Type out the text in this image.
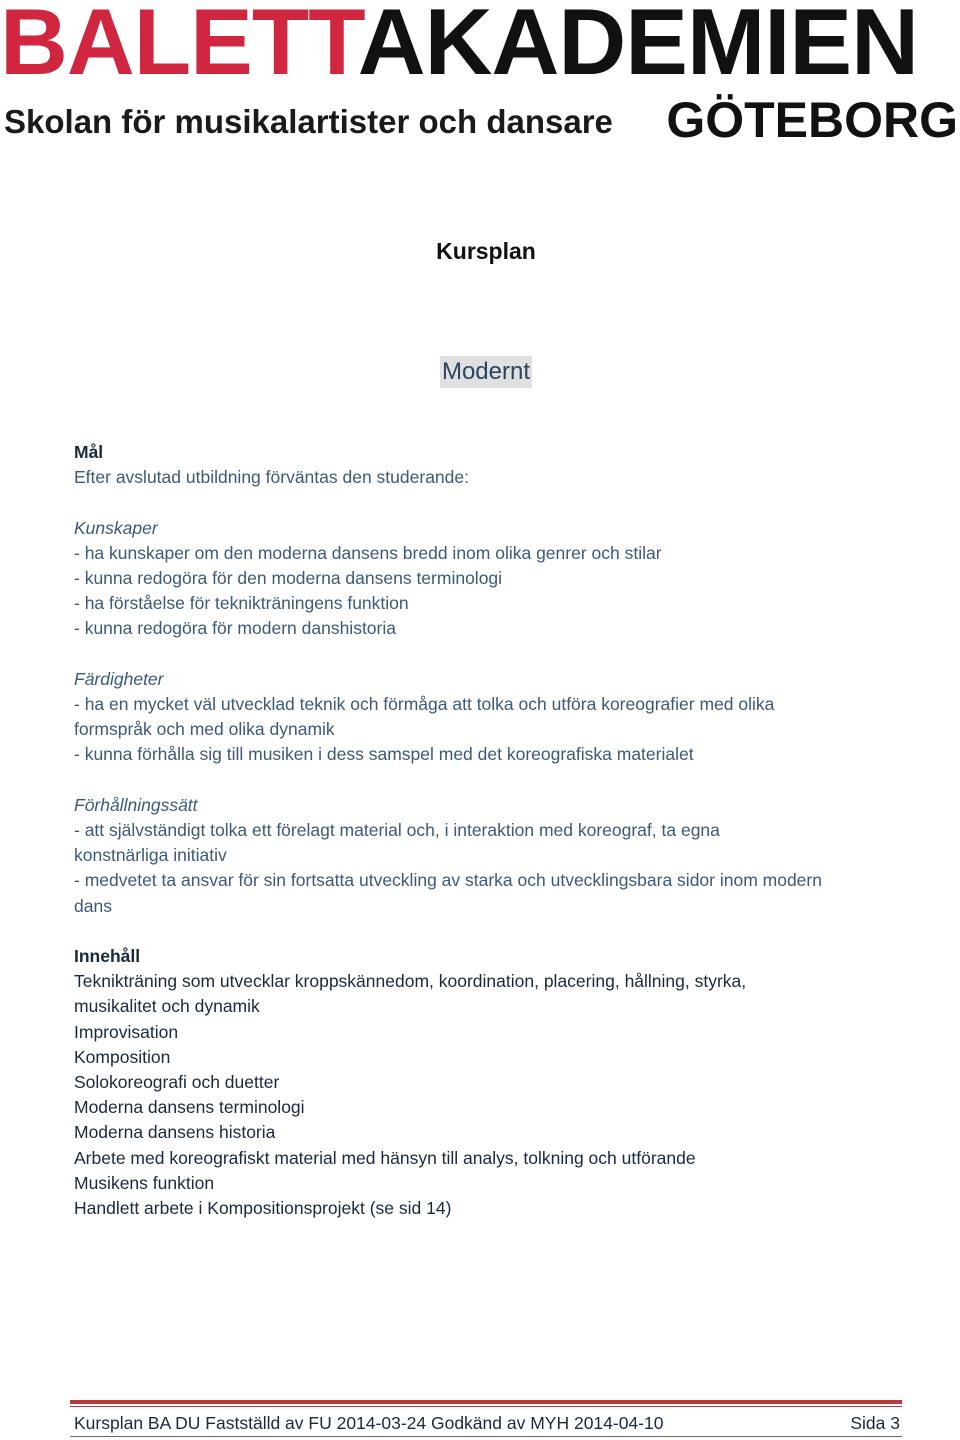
BALETTAKADEMIEN
Skolan för musikalartister och dansare GÖTEBORG
Kursplan
Modernt

Mål

Efter avslutad utbildning förväntas den studerande:

Kunskaper

- ha kunskaper om den moderna dansens bredd inom olika genrer och stilar

- kunna redogöra för den moderna dansens terminologi

- ha förståelse för teknikträningens funktion

- kunna redogöra för modern danshistoria

Färdigheter

- ha en mycket väl utvecklad teknik och förmåga att tolka och utföra koreografier med olika

formspråk och med olika dynamik

- kunna förhålla sig till musiken i dess samspel med det koreografiska materialet

Förhållningssätt

- att självständigt tolka ett förelagt material och, i interaktion med koreograf, ta egna

konstnärliga initiativ

- medvetet ta ansvar för sin fortsatta utveckling av starka och utvecklingsbara sidor inom modern

dans

Innehåll

Teknikträning som utvecklar kroppskännedom, koordination, placering, hållning, styrka,

musikalitet och dynamik

Improvisation

Komposition

Solokoreografi och duetter

Moderna dansens terminologi

Moderna dansens historia

Arbete med koreografiskt material med hänsyn till analys, tolkning och utförande

Musikens funktion

Handlett arbete i Kompositionsprojekt (se sid 14)

Kursplan BA DU Fastställd av FU 2014-03-24 Godkänd av MYH 2014-04-10	Sida 3
